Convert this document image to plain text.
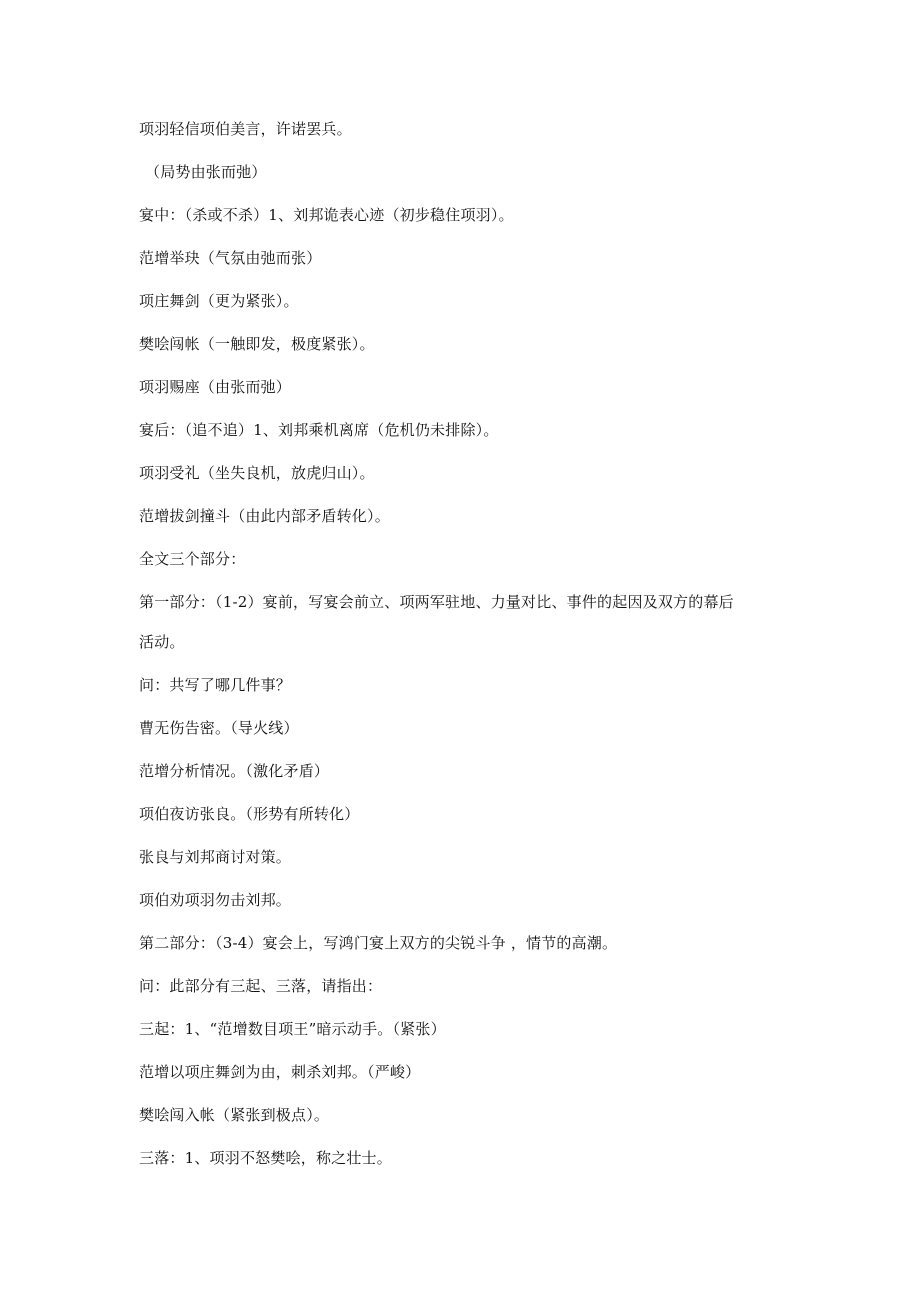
项羽轻信项伯美言，许诺罢兵。
（局势由张而弛）
宴中：（杀或不杀）1、刘邦诡表心迹（初步稳住项羽）。
范增举玦（气氛由弛而张）
项庄舞剑（更为紧张）。
樊哙闯帐（一触即发，极度紧张）。
项羽赐座（由张而弛）
宴后：（追不追）1、刘邦乘机离席（危机仍未排除）。
项羽受礼（坐失良机，放虎归山）。
范增拔剑撞斗（由此内部矛盾转化）。
全文三个部分：
第一部分：（1-2）宴前，写宴会前立、项两军驻地、力量对比、事件的起因及双方的幕后
活动。
问：共写了哪几件事？
曹无伤告密。（导火线）
范增分析情况。（激化矛盾）
项伯夜访张良。（形势有所转化）
张良与刘邦商讨对策。
项伯劝项羽勿击刘邦。
第二部分：（3-4）宴会上，写鸿门宴上双方的尖锐斗争 ，情节的高潮。
问：此部分有三起、三落，请指出：
三起：1、“范增数目项王”暗示动手。（紧张）
范增以项庄舞剑为由，刺杀刘邦。（严峻）
樊哙闯入帐（紧张到极点）。
三落：1、项羽不怒樊哙，称之壮士。
